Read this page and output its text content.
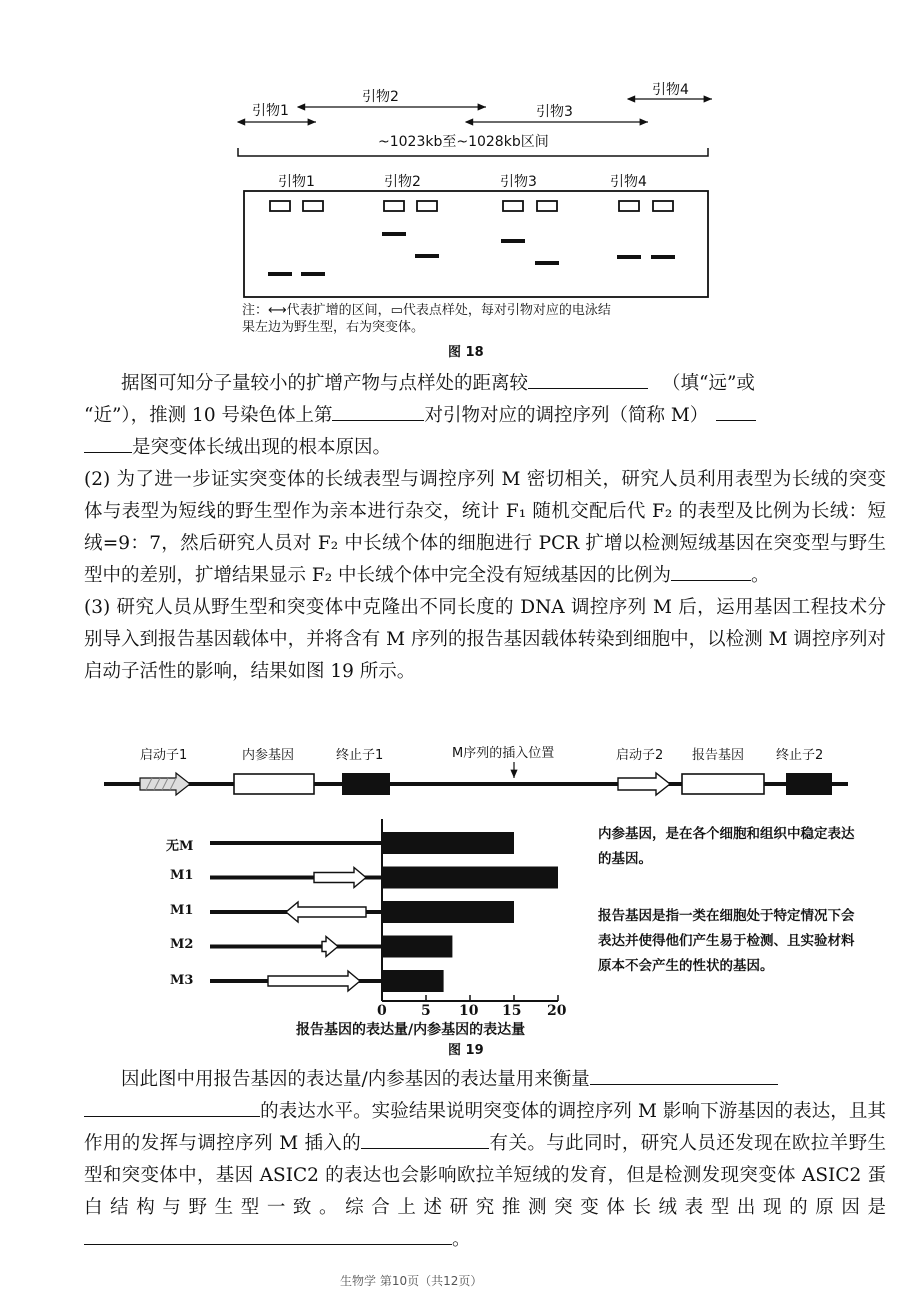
引物1
引物2
引物3
引物4
~1023kb至~1028kb区间
引物1	引物2	引物3	引物4
注：⟷代表扩增的区间，▭代表点样处，每对引物对应的电泳结
果左边为野生型，右为突变体。
图 18

据图可知分子量较小的扩增产物与点样处的距离较	（填“远”或

“近”），推测 10 号染色体上第	对引物对应的调控序列（简称 M）

是突变体长绒出现的根本原因。

(2) 为了进一步证实突变体的长绒表型与调控序列 M 密切相关，研究人员利用表型为长绒的突变体与表型为短线的野生型作为亲本进行杂交，统计 F₁ 随机交配后代 F₂ 的表型及比例为长绒：短绒=9：7，然后研究人员对 F₂ 中长绒个体的细胞进行 PCR 扩增以检测短绒基因在突变型与野生型中的差别，扩增结果显示 F₂ 中长绒个体中完全没有短绒基因的比例为	。

(3) 研究人员从野生型和突变体中克隆出不同长度的 DNA 调控序列 M 后，运用基因工程技术分别导入到报告基因载体中，并将含有 M 序列的报告基因载体转染到细胞中，以检测 M 调控序列对启动子活性的影响，结果如图 19 所示。

启动子1	内参基因	终止子1	M序列的插入位置	启动子2 报告基因 终止子2
无M
M1
M1
M2
M3
0 5 10 15 20
报告基因的表达量/内参基因的表达量
图 19
内参基因，是在各个细胞和组织中稳定表达的基因。
报告基因是指一类在细胞处于特定情况下会表达并使得他们产生易于检测、且实验材料原本不会产生的性状的基因。

因此图中用报告基因的表达量/内参基因的表达量用来衡量

的表达水平。实验结果说明突变体的调控序列 M 影响下游基因的表达，且其作用的发挥与调控序列 M 插入的	有关。与此同时，研究人员还发现在欧拉羊野生型和突变体中，基因 ASIC2 的表达也会影响欧拉羊短绒的发育，但是检测发现突变体 ASIC2 蛋白结构与野生型一致。综合上述研究推测突变体长绒表型出现的原因是。

生物学 第10页（共12页）
